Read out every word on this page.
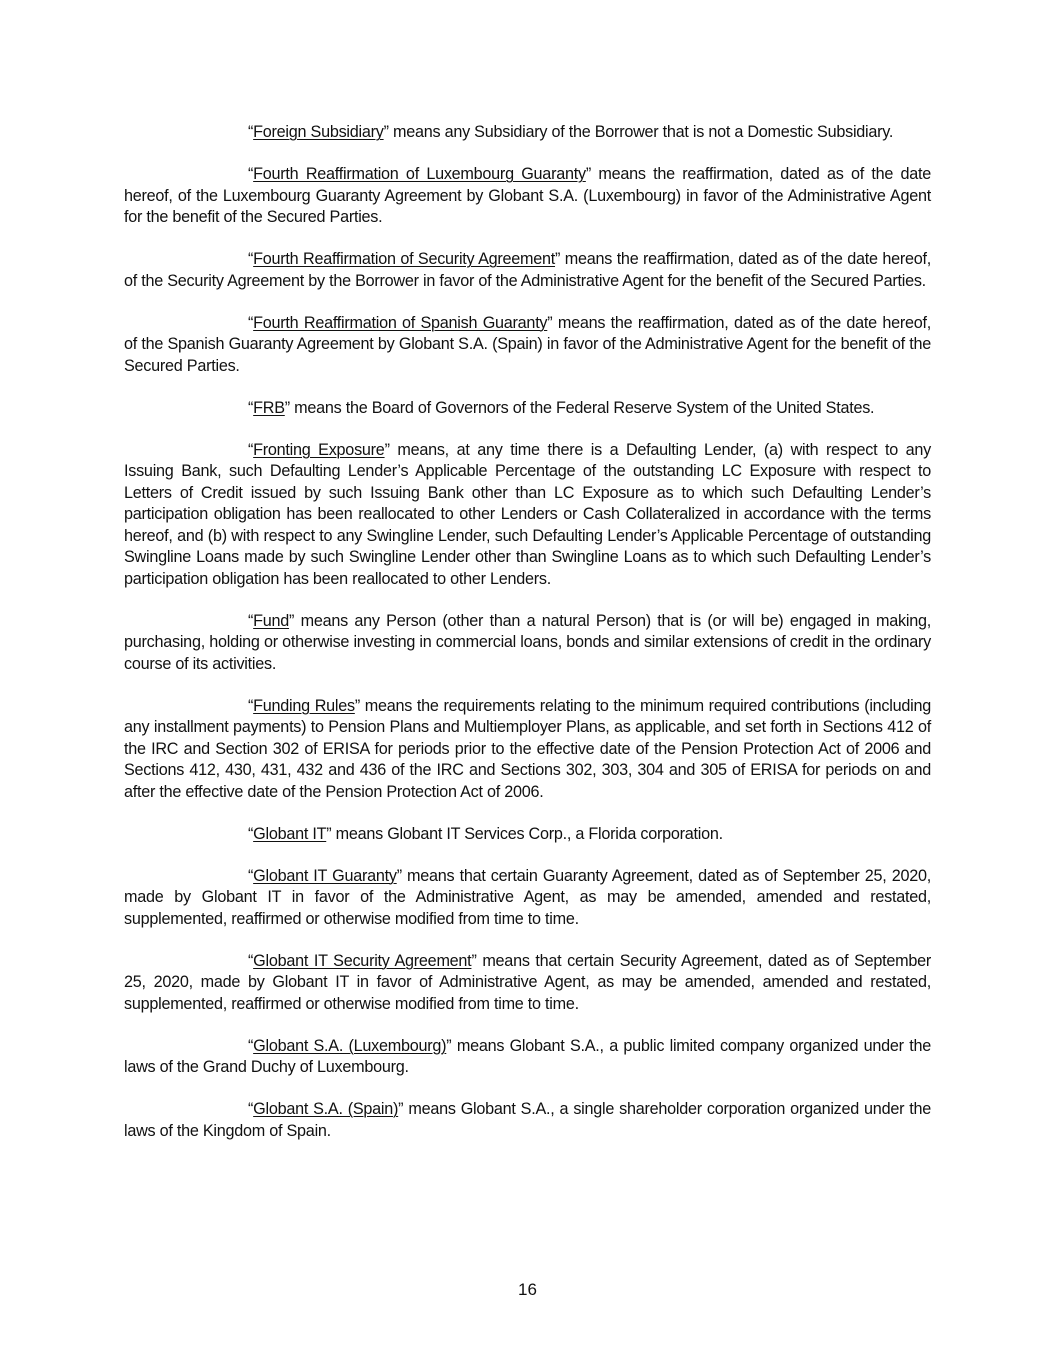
“Foreign Subsidiary” means any Subsidiary of the Borrower that is not a Domestic Subsidiary.

“Fourth Reaffirmation of Luxembourg Guaranty” means the reaffirmation, dated as of the date hereof, of the Luxembourg Guaranty Agreement by Globant S.A. (Luxembourg) in favor of the Administrative Agent for the benefit of the Secured Parties.

“Fourth Reaffirmation of Security Agreement” means the reaffirmation, dated as of the date hereof, of the Security Agreement by the Borrower in favor of the Administrative Agent for the benefit of the Secured Parties.

“Fourth Reaffirmation of Spanish Guaranty” means the reaffirmation, dated as of the date hereof, of the Spanish Guaranty Agreement by Globant S.A. (Spain) in favor of the Administrative Agent for the benefit of the Secured Parties.

“FRB” means the Board of Governors of the Federal Reserve System of the United States.

“Fronting Exposure” means, at any time there is a Defaulting Lender, (a) with respect to any Issuing Bank, such Defaulting Lender’s Applicable Percentage of the outstanding LC Exposure with respect to Letters of Credit issued by such Issuing Bank other than LC Exposure as to which such Defaulting Lender’s participation obligation has been reallocated to other Lenders or Cash Collateralized in accordance with the terms hereof, and (b) with respect to any Swingline Lender, such Defaulting Lender’s Applicable Percentage of outstanding Swingline Loans made by such Swingline Lender other than Swingline Loans as to which such Defaulting Lender’s participation obligation has been reallocated to other Lenders.

“Fund” means any Person (other than a natural Person) that is (or will be) engaged in making, purchasing, holding or otherwise investing in commercial loans, bonds and similar extensions of credit in the ordinary course of its activities.

“Funding Rules” means the requirements relating to the minimum required contributions (including any installment payments) to Pension Plans and Multiemployer Plans, as applicable, and set forth in Sections 412 of the IRC and Section 302 of ERISA for periods prior to the effective date of the Pension Protection Act of 2006 and Sections 412, 430, 431, 432 and 436 of the IRC and Sections 302, 303, 304 and 305 of ERISA for periods on and after the effective date of the Pension Protection Act of 2006.

“Globant IT” means Globant IT Services Corp., a Florida corporation.

“Globant IT Guaranty” means that certain Guaranty Agreement, dated as of September 25, 2020, made by Globant IT in favor of the Administrative Agent, as may be amended, amended and restated, supplemented, reaffirmed or otherwise modified from time to time.

“Globant IT Security Agreement” means that certain Security Agreement, dated as of September 25, 2020, made by Globant IT in favor of Administrative Agent, as may be amended, amended and restated, supplemented, reaffirmed or otherwise modified from time to time.

“Globant S.A. (Luxembourg)” means Globant S.A., a public limited company organized under the laws of the Grand Duchy of Luxembourg.

“Globant S.A. (Spain)” means Globant S.A., a single shareholder corporation organized under the laws of the Kingdom of Spain.

16
